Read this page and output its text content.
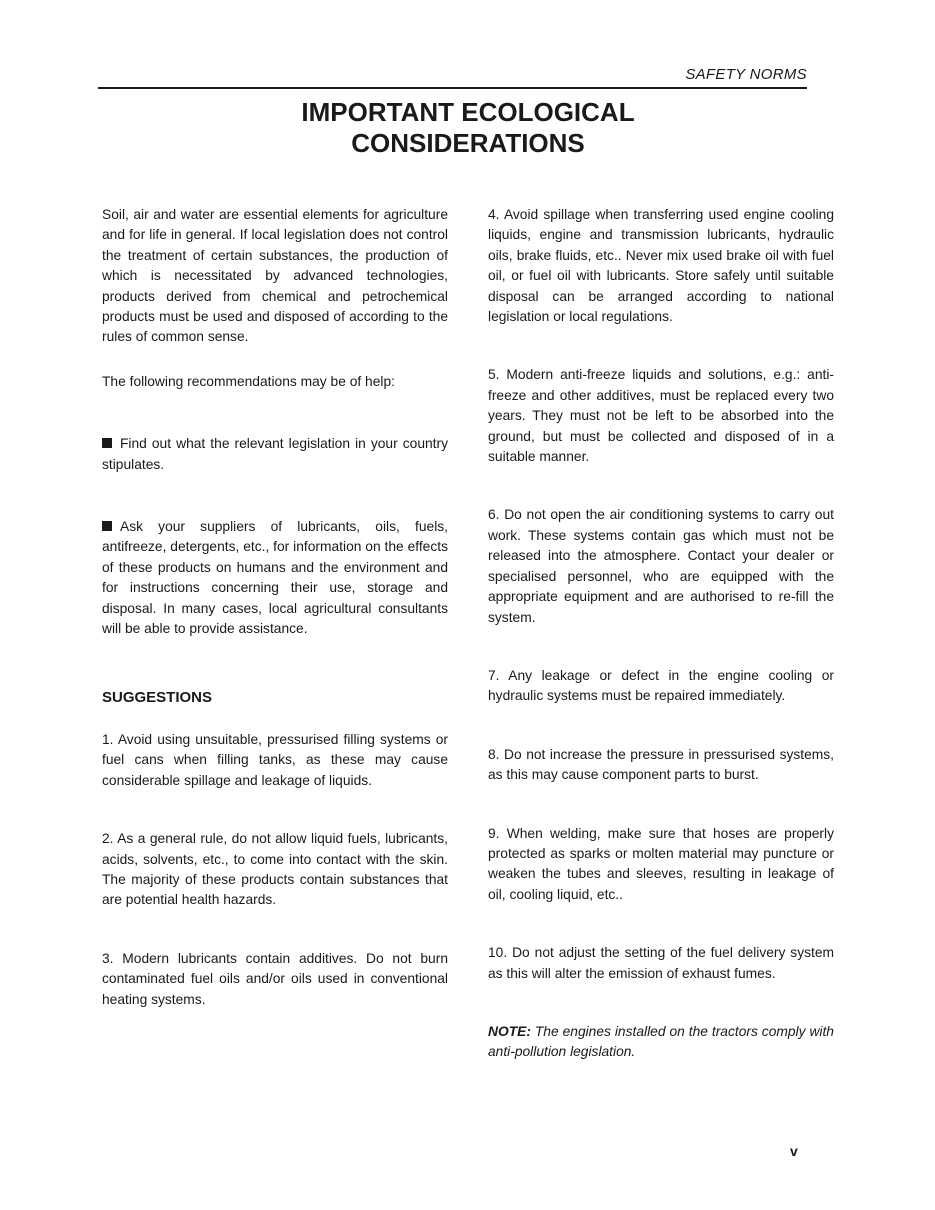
SAFETY NORMS
IMPORTANT ECOLOGICAL
CONSIDERATIONS

Soil, air and water are essential elements for agriculture and for life in general. If local legislation does not control the treatment of certain substances, the production of which is necessitated by advanced technologies, products derived from chemical and petrochemical products must be used and disposed of according to the rules of common sense.

The following recommendations may be of help:

Find out what the relevant legislation in your country stipulates.

Ask your suppliers of lubricants, oils, fuels, antifreeze, detergents, etc., for information on the effects of these products on humans and the environment and for instructions concerning their use, storage and disposal. In many cases, local agricultural consultants will be able to provide assistance.

SUGGESTIONS

1. Avoid using unsuitable, pressurised filling systems or fuel cans when filling tanks, as these may cause considerable spillage and leakage of liquids.

2. As a general rule, do not allow liquid fuels, lubricants, acids, solvents, etc., to come into contact with the skin. The majority of these products contain substances that are potential health hazards.

3. Modern lubricants contain additives. Do not burn contaminated fuel oils and/or oils used in conventional heating systems.

4. Avoid spillage when transferring used engine cooling liquids, engine and transmission lubricants, hydraulic oils, brake fluids, etc.. Never mix used brake oil with fuel oil, or fuel oil with lubricants. Store safely until suitable disposal can be arranged according to national legislation or local regulations.

5. Modern anti-freeze liquids and solutions, e.g.: anti-freeze and other additives, must be replaced every two years. They must not be left to be absorbed into the ground, but must be collected and disposed of in a suitable manner.

6. Do not open the air conditioning systems to carry out work. These systems contain gas which must not be released into the atmosphere. Contact your dealer or specialised personnel, who are equipped with the appropriate equipment and are authorised to re-fill the system.

7. Any leakage or defect in the engine cooling or hydraulic systems must be repaired immediately.

8. Do not increase the pressure in pressurised systems, as this may cause component parts to burst.

9. When welding, make sure that hoses are properly protected as sparks or molten material may puncture or weaken the tubes and sleeves, resulting in leakage of oil, cooling liquid, etc..

10. Do not adjust the setting of the fuel delivery system as this will alter the emission of exhaust fumes.

NOTE: The engines installed on the tractors comply with anti-pollution legislation.

v
